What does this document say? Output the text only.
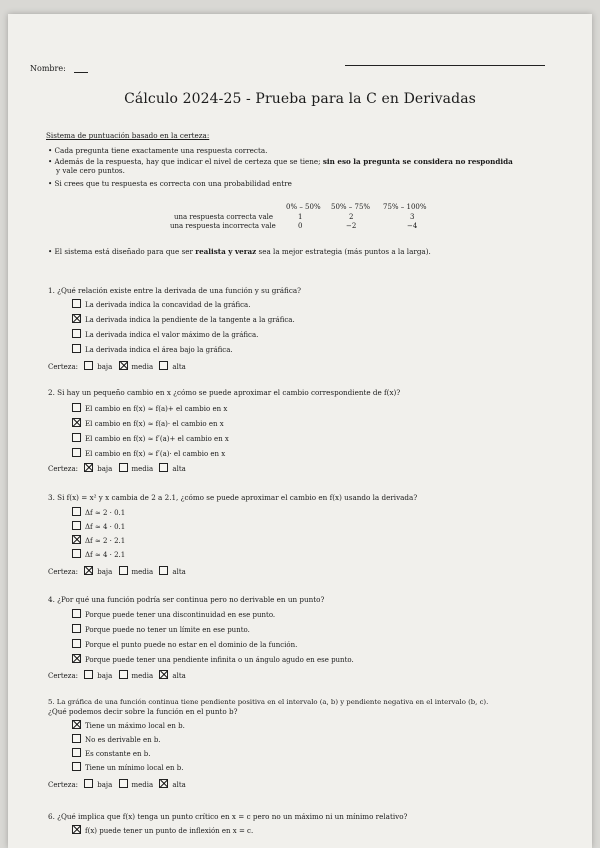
Nombre:
Cálculo 2024-25 - Prueba para la C en Derivadas
Sistema de puntuación basado en la certeza:
• Cada pregunta tiene exactamente una respuesta correcta.
• Además de la respuesta, hay que indicar el nivel de certeza que se tiene; sin eso la pregunta se considera no respondida
y vale cero puntos.
• Si crees que tu respuesta es correcta con una probabilidad entre
0% – 50% 50% – 75% 75% – 100%
una respuesta correcta vale	1	2	3
una respuesta incorrecta vale	0	−2	−4
• El sistema está diseñado para que ser realista y veraz sea la mejor estrategia (más puntos a la larga).
1. ¿Qué relación existe entre la derivada de una función y su gráfica?
La derivada indica la concavidad de la gráfica.
La derivada indica la pendiente de la tangente a la gráfica.
La derivada indica el valor máximo de la gráfica.
La derivada indica el área bajo la gráfica.
Certeza:	baja	media	alta
2. Si hay un pequeño cambio en x ¿cómo se puede aproximar el cambio correspondiente de f(x)?
El cambio en f(x) ≈ f(a)+ el cambio en x
El cambio en f(x) ≈ f(a)· el cambio en x
El cambio en f(x) ≈ f′(a)+ el cambio en x
El cambio en f(x) ≈ f′(a)· el cambio en x
Certeza:	baja	media	alta
3. Si f(x) = x² y x cambia de 2 a 2.1, ¿cómo se puede aproximar el cambio en f(x) usando la derivada?
Δf ≈ 2 · 0.1
Δf ≈ 4 · 0.1
Δf ≈ 2 · 2.1
Δf ≈ 4 · 2.1
Certeza:	baja	media	alta
4. ¿Por qué una función podría ser continua pero no derivable en un punto?
Porque puede tener una discontinuidad en ese punto.
Porque puede no tener un límite en ese punto.
Porque el punto puede no estar en el dominio de la función.
Porque puede tener una pendiente infinita o un ángulo agudo en ese punto.
Certeza:	baja	media	alta
5. La gráfica de una función continua tiene pendiente positiva en el intervalo (a, b) y pendiente negativa en el intervalo (b, c).
¿Qué podemos decir sobre la función en el punto b?
Tiene un máximo local en b.
No es derivable en b.
Es constante en b.
Tiene un mínimo local en b.
Certeza:	baja	media	alta
6. ¿Qué implica que f(x) tenga un punto crítico en x = c pero no un máximo ni un mínimo relativo?
f(x) puede tener un punto de inflexión en x = c.
